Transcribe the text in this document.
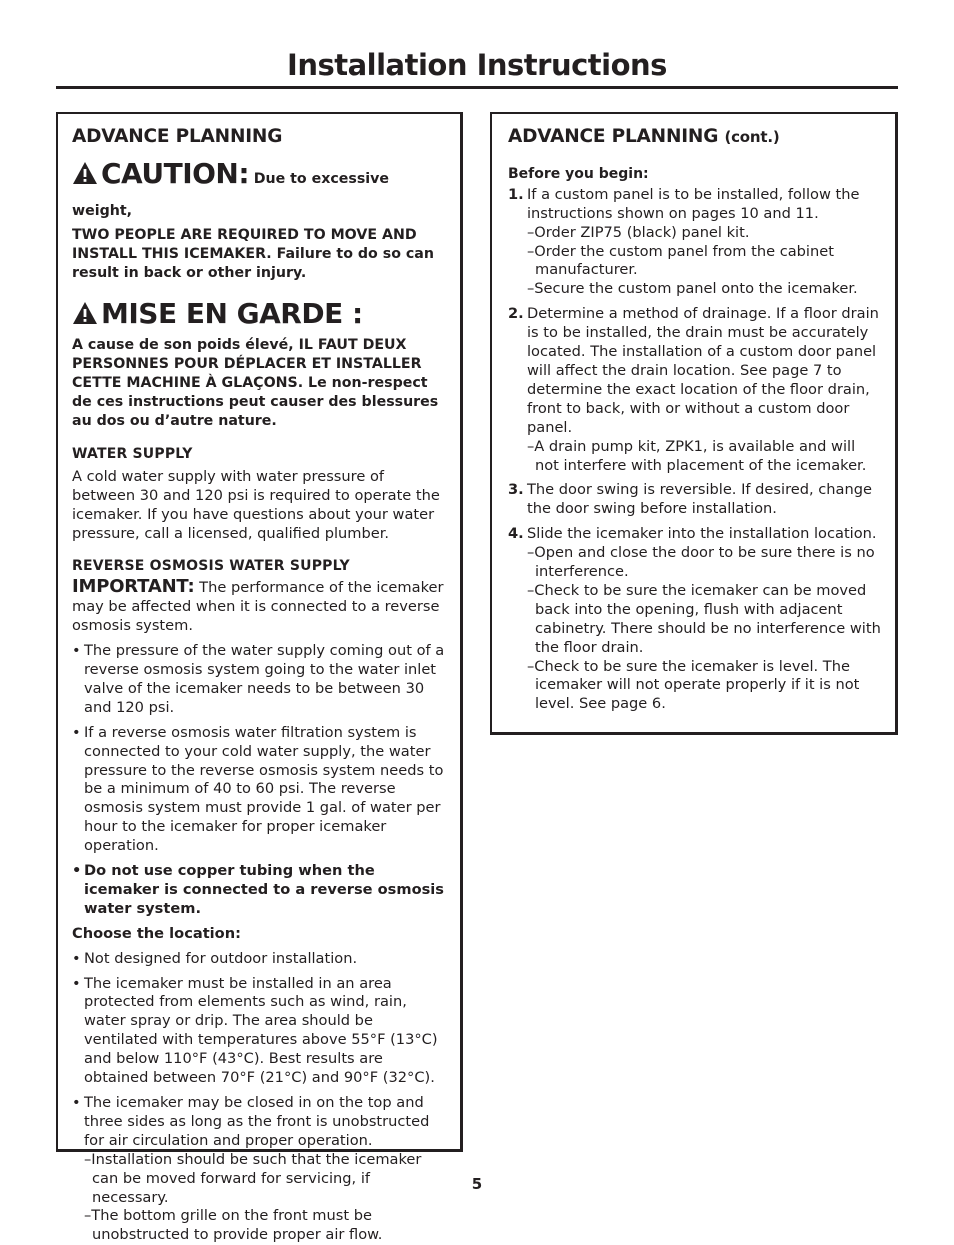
Installation Instructions

ADVANCE PLANNING

CAUTION: Due to excessive weight,

TWO PEOPLE ARE REQUIRED TO MOVE AND INSTALL THIS ICEMAKER. Failure to do so can result in back or other injury.

MISE EN GARDE :

A cause de son poids élevé, IL FAUT DEUX PERSONNES POUR DÉPLACER ET INSTALLER CETTE MACHINE À GLAÇONS. Le non-respect de ces instructions peut causer des blessures au dos ou d’autre nature.

WATER SUPPLY

A cold water supply with water pressure of between 30 and 120 psi is required to operate the icemaker. If you have questions about your water pressure, call a licensed, qualified plumber.

REVERSE OSMOSIS WATER SUPPLY

IMPORTANT: The performance of the icemaker may be affected when it is connected to a reverse osmosis system.

• The pressure of the water supply coming out of a reverse osmosis system going to the water inlet valve of the icemaker needs to be between 30 and 120 psi.
• If a reverse osmosis water filtration system is connected to your cold water supply, the water pressure to the reverse osmosis system needs to be a minimum of 40 to 60 psi. The reverse osmosis system must provide 1 gal. of water per hour to the icemaker for proper icemaker operation.
• Do not use copper tubing when the icemaker is connected to a reverse osmosis water system.

Choose the location:

• Not designed for outdoor installation.
• The icemaker must be installed in an area protected from elements such as wind, rain, water spray or drip. The area should be ventilated with temperatures above 55°F (13°C) and below 110°F (43°C). Best results are obtained between 70°F (21°C) and 90°F (32°C).
• The icemaker may be closed in on the top and three sides as long as the front is unobstructed for air circulation and proper operation.
–Installation should be such that the icemaker can be moved forward for servicing, if necessary.
–The bottom grille on the front must be unobstructed to provide proper air flow.

ADVANCE PLANNING (cont.)

Before you begin:

1. If a custom panel is to be installed, follow the instructions shown on pages 10 and 11.
–Order ZIP75 (black) panel kit.
–Order the custom panel from the cabinet manufacturer.
–Secure the custom panel onto the icemaker.
2. Determine a method of drainage. If a floor drain is to be installed, the drain must be accurately located. The installation of a custom door panel will affect the drain location. See page 7 to determine the exact location of the floor drain, front to back, with or without a custom door panel.
–A drain pump kit, ZPK1, is available and will not interfere with placement of the icemaker.
3. The door swing is reversible. If desired, change the door swing before installation.
4. Slide the icemaker into the installation location.
–Open and close the door to be sure there is no interference.
–Check to be sure the icemaker can be moved back into the opening, flush with adjacent cabinetry. There should be no interference with the floor drain.
–Check to be sure the icemaker is level. The icemaker will not operate properly if it is not level. See page 6.
5
